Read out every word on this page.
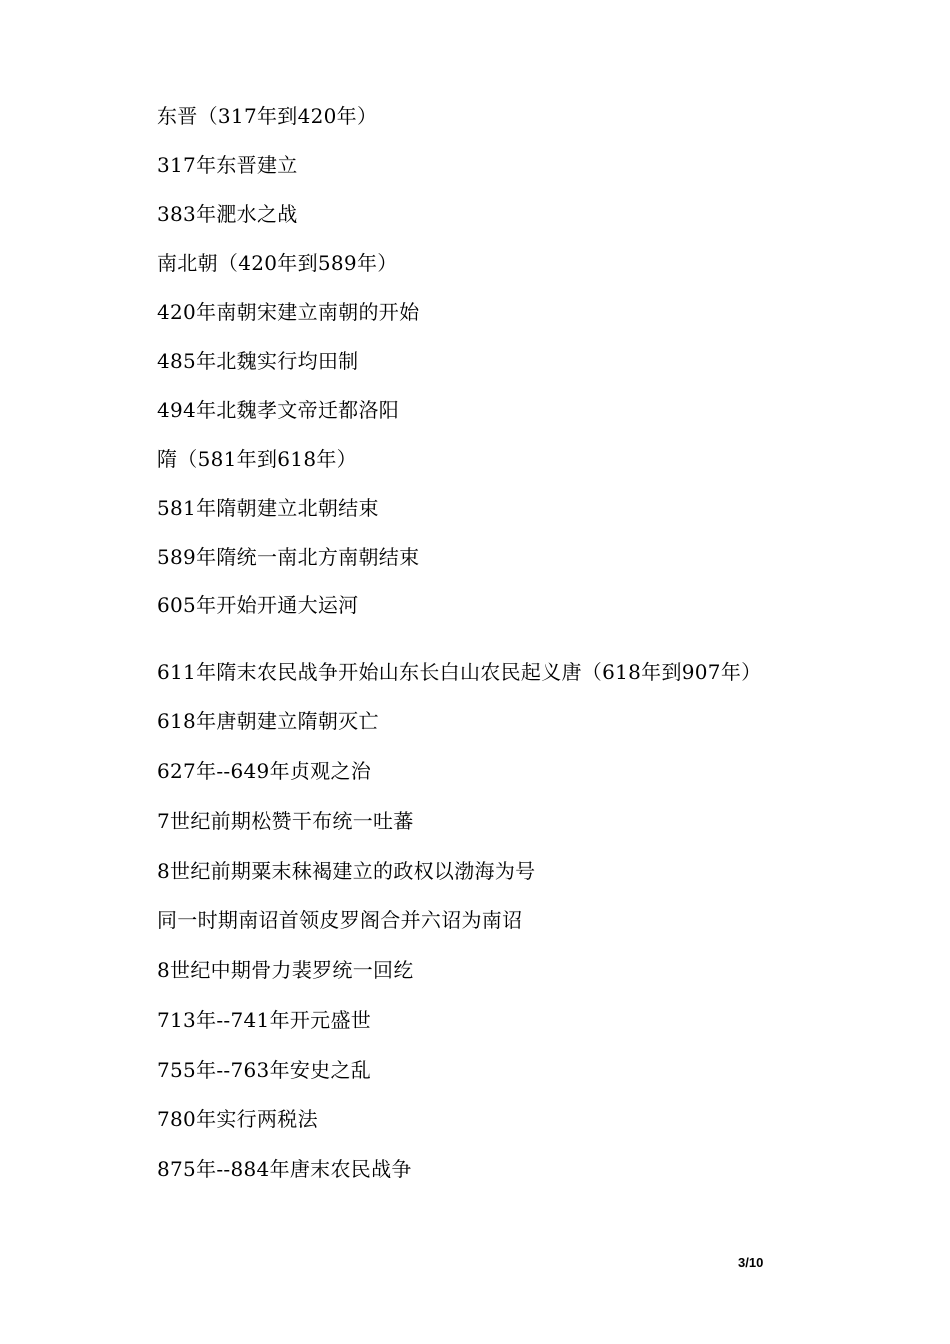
东晋（317年到420年）
317年东晋建立
383年淝水之战
南北朝（420年到589年）
420年南朝宋建立南朝的开始
485年北魏实行均田制
494年北魏孝文帝迁都洛阳
隋（581年到618年）
581年隋朝建立北朝结束
589年隋统一南北方南朝结束
605年开始开通大运河
611年隋末农民战争开始山东长白山农民起义唐（618年到907年）
618年唐朝建立隋朝灭亡
627年--649年贞观之治
7世纪前期松赞干布统一吐蕃
8世纪前期粟末秣褐建立的政权以渤海为号
同一时期南诏首领皮罗阁合并六诏为南诏
8世纪中期骨力裴罗统一回纥
713年--741年开元盛世
755年--763年安史之乱
780年实行两税法
875年--884年唐末农民战争
3/10
